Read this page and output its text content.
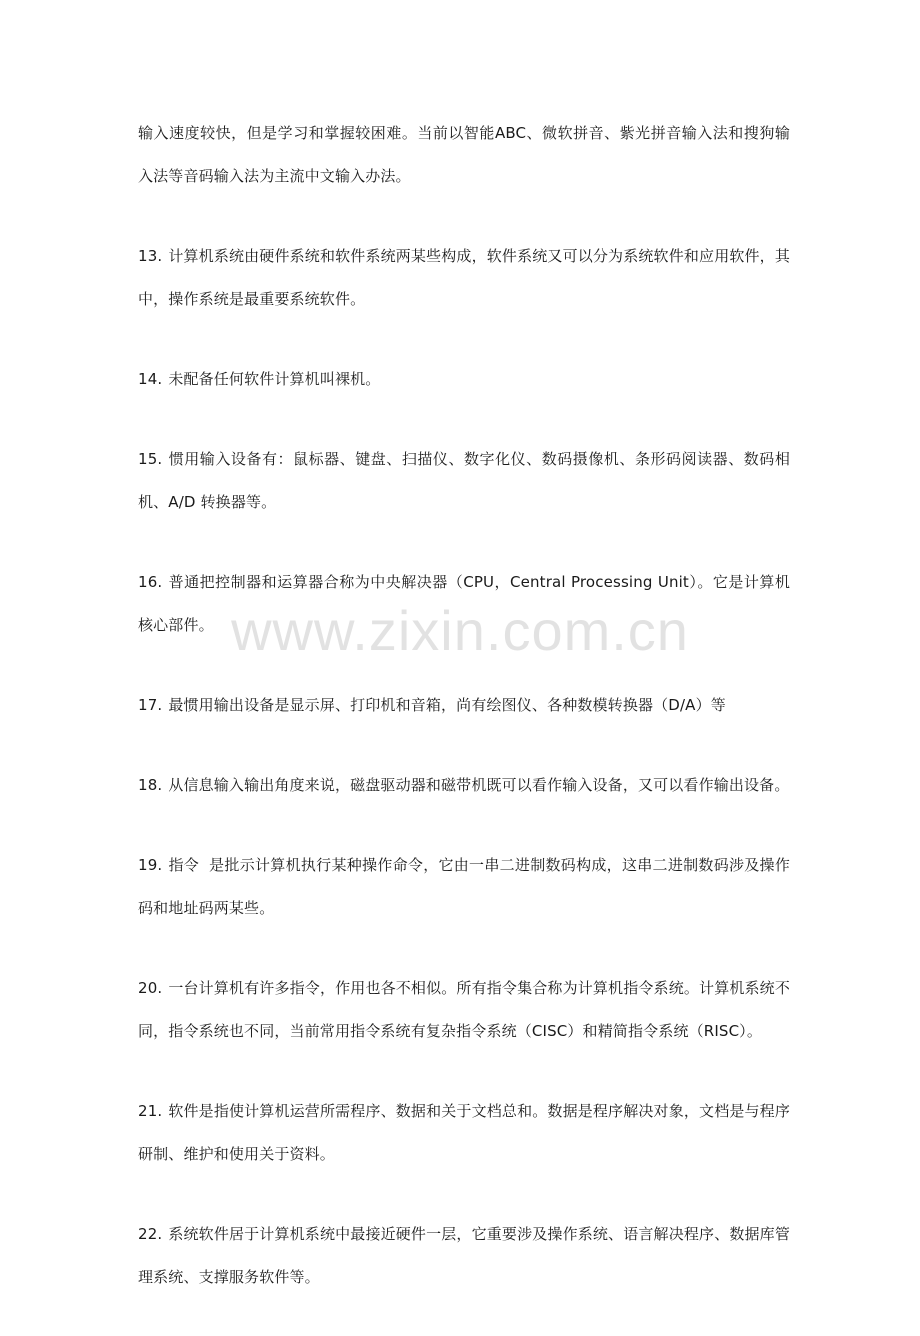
输入速度较快，但是学习和掌握较困难。当前以智能ABC、微软拼音、紫光拼音输入法和搜狗输入法等音码输入法为主流中文输入办法。

13. 计算机系统由硬件系统和软件系统两某些构成，软件系统又可以分为系统软件和应用软件，其中，操作系统是最重要系统软件。

14. 未配备任何软件计算机叫裸机。

15. 惯用输入设备有：鼠标器、键盘、扫描仪、数字化仪、数码摄像机、条形码阅读器、数码相机、A/D 转换器等。

16. 普通把控制器和运算器合称为中央解决器（CPU，Central Processing Unit）。它是计算机核心部件。

17. 最惯用输出设备是显示屏、打印机和音箱，尚有绘图仪、各种数模转换器（D/A）等

18. 从信息输入输出角度来说，磁盘驱动器和磁带机既可以看作输入设备，又可以看作输出设备。

19. 指令  是批示计算机执行某种操作命令，它由一串二进制数码构成，这串二进制数码涉及操作码和地址码两某些。

20. 一台计算机有许多指令，作用也各不相似。所有指令集合称为计算机指令系统。计算机系统不同，指令系统也不同，当前常用指令系统有复杂指令系统（CISC）和精简指令系统（RISC）。

21. 软件是指使计算机运营所需程序、数据和关于文档总和。数据是程序解决对象，文档是与程序研制、维护和使用关于资料。

22. 系统软件居于计算机系统中最接近硬件一层，它重要涉及操作系统、语言解决程序、数据库管理系统、支撑服务软件等。

www.zixin.com.cn
